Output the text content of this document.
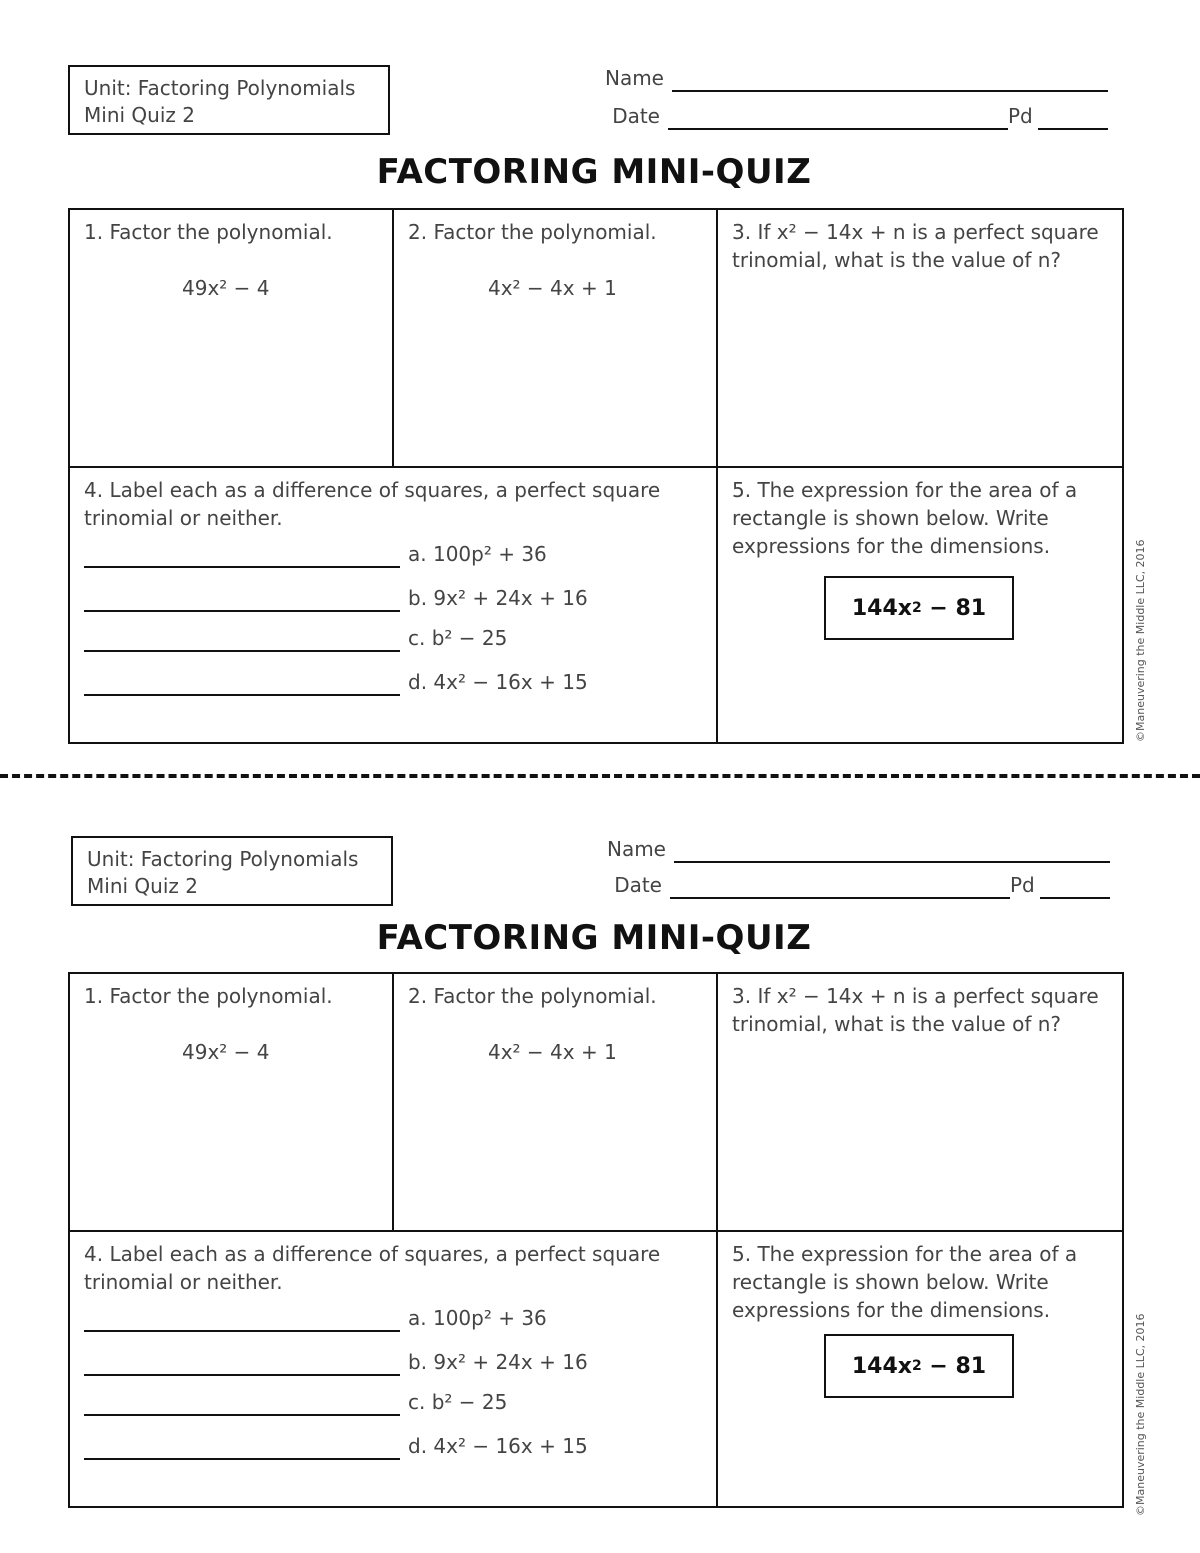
Unit: Factoring Polynomials
Mini Quiz 2
Name
Date	Pd
FACTORING MINI-QUIZ
1. Factor the polynomial.
49x² − 4
2. Factor the polynomial.
4x² − 4x + 1
3. If x² − 14x + n is a perfect square trinomial, what is the value of n?
4. Label each as a difference of squares, a perfect square trinomial or neither.
a. 100p² + 36
b. 9x² + 24x + 16
c. b² − 25
d. 4x² − 16x + 15
5. The expression for the area of a rectangle is shown below. Write expressions for the dimensions.
144x 2 − 81	©Maneuvering the Middle LLC, 2016
Unit: Factoring Polynomials
Mini Quiz 2
Name
Date	Pd
FACTORING MINI-QUIZ
1. Factor the polynomial.
49x² − 4
2. Factor the polynomial.
4x² − 4x + 1
3. If x² − 14x + n is a perfect square trinomial, what is the value of n?
4. Label each as a difference of squares, a perfect square trinomial or neither.
a. 100p² + 36
b. 9x² + 24x + 16
c. b² − 25
d. 4x² − 16x + 15
5. The expression for the area of a rectangle is shown below. Write expressions for the dimensions.
144x 2 − 81	©Maneuvering the Middle LLC, 2016
